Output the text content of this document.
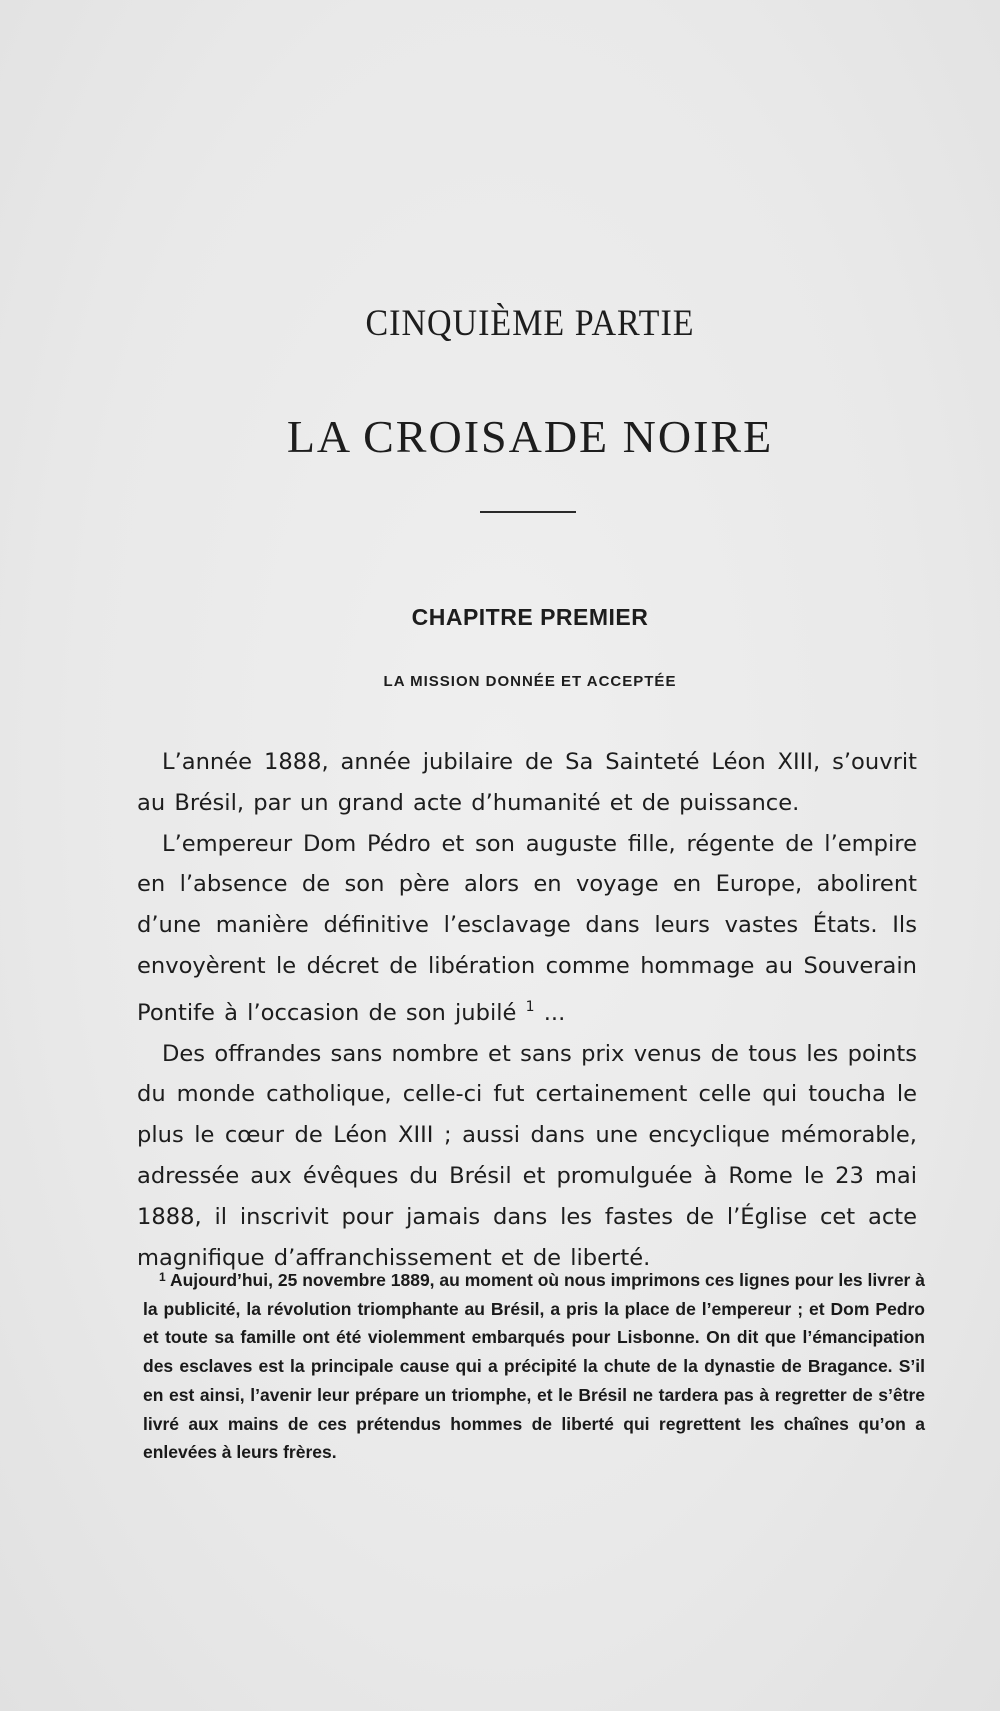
CINQUIÈME PARTIE
LA CROISADE NOIRE
CHAPITRE PREMIER
LA MISSION DONNÉE ET ACCEPTÉE

L’année 1888, année jubilaire de Sa Sainteté Léon XIII, s’ouvrit au Brésil, par un grand acte d’humanité et de puissance.

L’empereur Dom Pédro et son auguste fille, régente de l’empire en l’absence de son père alors en voyage en Europe, abolirent d’une manière définitive l’esclavage dans leurs vastes États. Ils envoyèrent le décret de libération comme hommage au Souverain Pontife à l’occasion de son jubilé $^1$ ...

Des offrandes sans nombre et sans prix venus de tous les points du monde catholique, celle-ci fut certainement celle qui toucha le plus le cœur de Léon XIII ; aussi dans une encyclique mémorable, adressée aux évêques du Brésil et promulguée à Rome le 23 mai 1888, il inscrivit pour jamais dans les fastes de l’Église cet acte magnifique d’affranchissement et de liberté.

$^1$ Aujourd’hui, 25 novembre 1889, au moment où nous imprimons ces lignes pour les livrer à la publicité, la révolution triomphante au Brésil, a pris la place de l’empereur ; et Dom Pedro et toute sa famille ont été violemment embarqués pour Lisbonne. On dit que l’émancipation des esclaves est la principale cause qui a précipité la chute de la dynastie de Bragance. S’il en est ainsi, l’avenir leur prépare un triomphe, et le Brésil ne tardera pas à regretter de s’être livré aux mains de ces prétendus hommes de liberté qui regrettent les chaînes qu’on a enlevées à leurs frères.
